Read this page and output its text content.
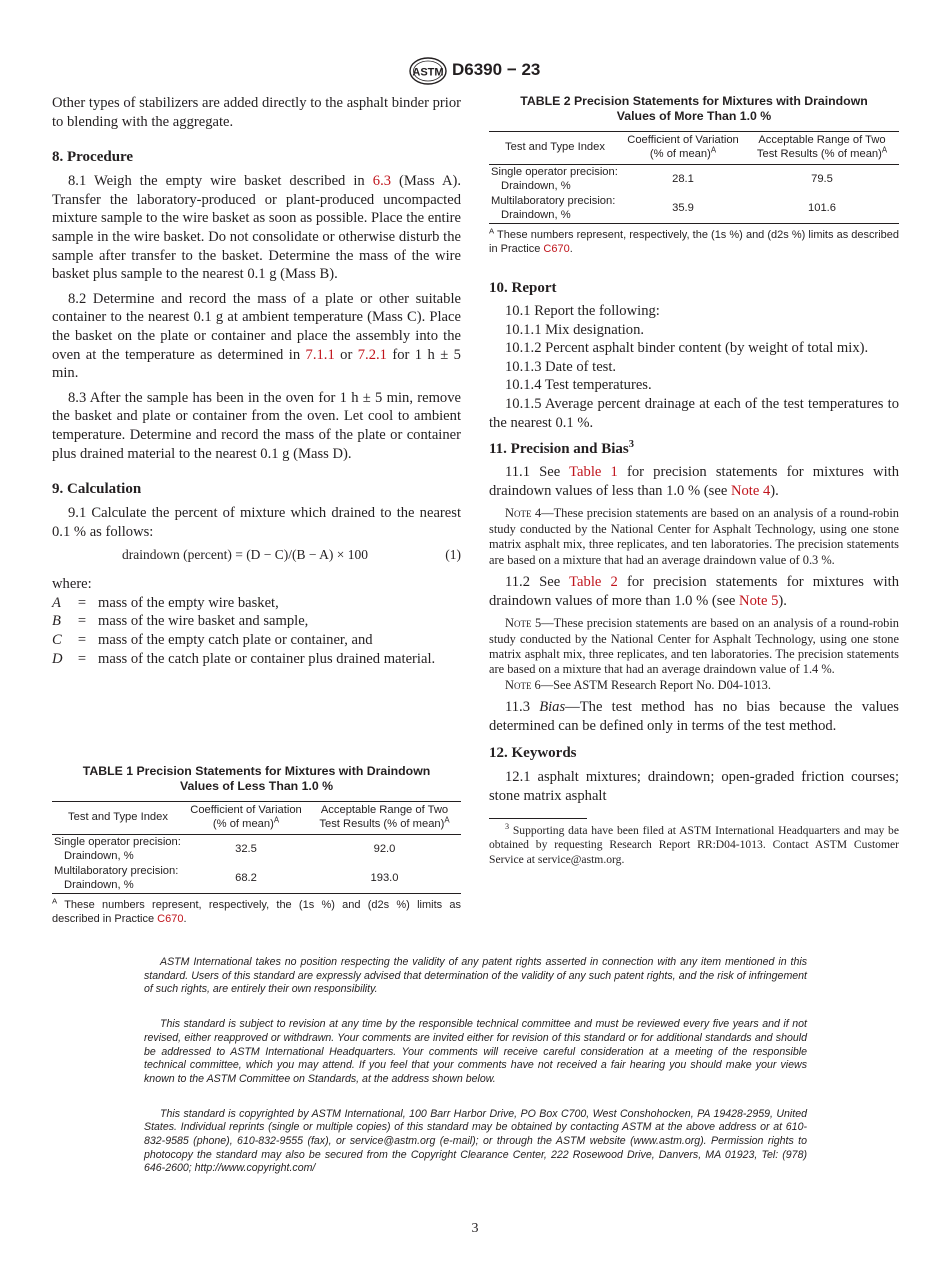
ASTM D6390 − 23

Other types of stabilizers are added directly to the asphalt binder prior to blending with the aggregate.

8. Procedure

8.1 Weigh the empty wire basket described in 6.3 (Mass A). Transfer the laboratory-produced or plant-produced uncompacted mixture sample to the wire basket as soon as possible. Place the entire sample in the wire basket. Do not consolidate or otherwise disturb the sample after transfer to the basket. Determine the mass of the wire basket plus sample to the nearest 0.1 g (Mass B).

8.2 Determine and record the mass of a plate or other suitable container to the nearest 0.1 g at ambient temperature (Mass C). Place the basket on the plate or container and place the assembly into the oven at the temperature as determined in 7.1.1 or 7.2.1 for 1 h ± 5 min.

8.3 After the sample has been in the oven for 1 h ± 5 min, remove the basket and plate or container from the oven. Let cool to ambient temperature. Determine and record the mass of the plate or container plus drained material to the nearest 0.1 g (Mass D).

9. Calculation

9.1 Calculate the percent of mixture which drained to the nearest 0.1 % as follows:

draindown (percent) = (D − C)/(B − A) × 100	(1)

where:

A	= mass of the empty wire basket,
B	= mass of the wire basket and sample,
C	= mass of the empty catch plate or container, and
D	= mass of the catch plate or container plus drained material.
TABLE 1 Precision Statements for Mixtures with Draindown Values of Less Than 1.0 %
Test and Type Index	Coefficient of Variation (% of mean)$^A$	Acceptable Range of Two Test Results (% of mean)$^A$

Single operator precision:
Draindown, %	32.5	92.0

Multilaboratory precision:
Draindown, %	68.2	193.0

$^A$ These numbers represent, respectively, the (1s %) and (d2s %) limits as described in Practice C670.

TABLE 2 Precision Statements for Mixtures with Draindown Values of More Than 1.0 %
Test and Type Index	Coefficient of Variation (% of mean)$^A$	Acceptable Range of Two Test Results (% of mean)$^A$

Single operator precision:
Draindown, %	28.1	79.5

Multilaboratory precision:
Draindown, %	35.9	101.6

$^A$ These numbers represent, respectively, the (1s %) and (d2s %) limits as described in Practice C670.

10. Report

10.1 Report the following:

10.1.1 Mix designation.

10.1.2 Percent asphalt binder content (by weight of total mix).

10.1.3 Date of test.

10.1.4 Test temperatures.

10.1.5 Average percent drainage at each of the test temperatures to the nearest 0.1 %.

11. Precision and Bias$^3$

11.1 See Table 1 for precision statements for mixtures with draindown values of less than 1.0 % (see Note 4).

Note 4—These precision statements are based on an analysis of a round-robin study conducted by the National Center for Asphalt Technology, using one stone matrix asphalt mix, three replicates, and ten laboratories. The precision statements are based on a mixture that had an average draindown value of 0.3 %.

11.2 See Table 2 for precision statements for mixtures with draindown values of more than 1.0 % (see Note 5).

Note 5—These precision statements are based on an analysis of a round-robin study conducted by the National Center for Asphalt Technology, using one stone matrix asphalt mix, three replicates, and ten laboratories. The precision statements are based on a mixture that had an average draindown value of 1.4 %.

Note 6—See ASTM Research Report No. D04-1013.

11.3 Bias—The test method has no bias because the values determined can be defined only in terms of the test method.

12. Keywords

12.1 asphalt mixtures; draindown; open-graded friction courses; stone matrix asphalt

$^3$ Supporting data have been filed at ASTM International Headquarters and may be obtained by requesting Research Report RR:D04-1013. Contact ASTM Customer Service at service@astm.org.

ASTM International takes no position respecting the validity of any patent rights asserted in connection with any item mentioned in this standard. Users of this standard are expressly advised that determination of the validity of any such patent rights, and the risk of infringement of such rights, are entirely their own responsibility.

This standard is subject to revision at any time by the responsible technical committee and must be reviewed every five years and if not revised, either reapproved or withdrawn. Your comments are invited either for revision of this standard or for additional standards and should be addressed to ASTM International Headquarters. Your comments will receive careful consideration at a meeting of the responsible technical committee, which you may attend. If you feel that your comments have not received a fair hearing you should make your views known to the ASTM Committee on Standards, at the address shown below.

This standard is copyrighted by ASTM International, 100 Barr Harbor Drive, PO Box C700, West Conshohocken, PA 19428-2959, United States. Individual reprints (single or multiple copies) of this standard may be obtained by contacting ASTM at the above address or at 610-832-9585 (phone), 610-832-9555 (fax), or service@astm.org (e-mail); or through the ASTM website (www.astm.org). Permission rights to photocopy the standard may also be secured from the Copyright Clearance Center, 222 Rosewood Drive, Danvers, MA 01923, Tel: (978) 646-2600; http://www.copyright.com/

3
